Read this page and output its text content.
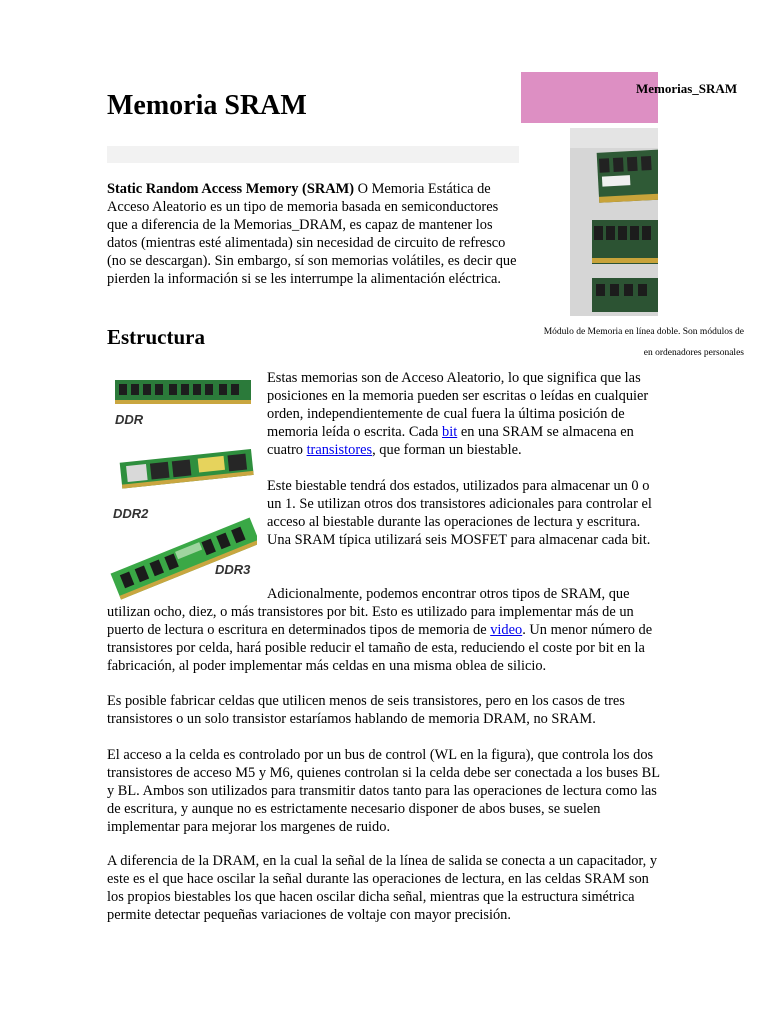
Memoria SRAM
Memorias_SRAM
Módulo de Memoria en línea doble. Son módulos de
en ordenadores personales

Static Random Access Memory (SRAM) O Memoria Estática de Acceso Aleatorio es un tipo de memoria basada en semiconductores que a diferencia de la Memorias_DRAM, es capaz de mantener los datos (mientras esté alimentada) sin necesidad de circuito de refresco (no se descargan). Sin embargo, sí son memorias volátiles, es decir que pierden la información si se les interrumpe la alimentación eléctrica.

Estructura
DDR
DDR2
DDR3

Estas memorias son de Acceso Aleatorio, lo que significa que las posiciones en la memoria pueden ser escritas o leídas en cualquier orden, independientemente de cual fuera la última posición de memoria leída o escrita. Cada bit en una SRAM se almacena en cuatro transistores, que forman un biestable.

Este biestable tendrá dos estados, utilizados para almacenar un 0 o un 1. Se utilizan otros dos transistores adicionales para controlar el acceso al biestable durante las operaciones de lectura y escritura. Una SRAM típica utilizará seis MOSFET para almacenar cada bit.

Adicionalmente, podemos encontrar otros tipos de SRAM, que

utilizan ocho, diez, o más transistores por bit. Esto es utilizado para implementar más de un puerto de lectura o escritura en determinados tipos de memoria de video. Un menor número de transistores por celda, hará posible reducir el tamaño de esta, reduciendo el coste por bit en la fabricación, al poder implementar más celdas en una misma oblea de silicio.

Es posible fabricar celdas que utilicen menos de seis transistores, pero en los casos de tres transistores o un solo transistor estaríamos hablando de memoria DRAM, no SRAM.

El acceso a la celda es controlado por un bus de control (WL en la figura), que controla los dos transistores de acceso M5 y M6, quienes controlan si la celda debe ser conectada a los buses BL y BL. Ambos son utilizados para transmitir datos tanto para las operaciones de lectura como las de escritura, y aunque no es estrictamente necesario disponer de abos buses, se suelen implementar para mejorar los margenes de ruido.

A diferencia de la DRAM, en la cual la señal de la línea de salida se conecta a un capacitador, y este es el que hace oscilar la señal durante las operaciones de lectura, en las celdas SRAM son los propios biestables los que hacen oscilar dicha señal, mientras que la estructura simétrica permite detectar pequeñas variaciones de voltaje con mayor precisión.
